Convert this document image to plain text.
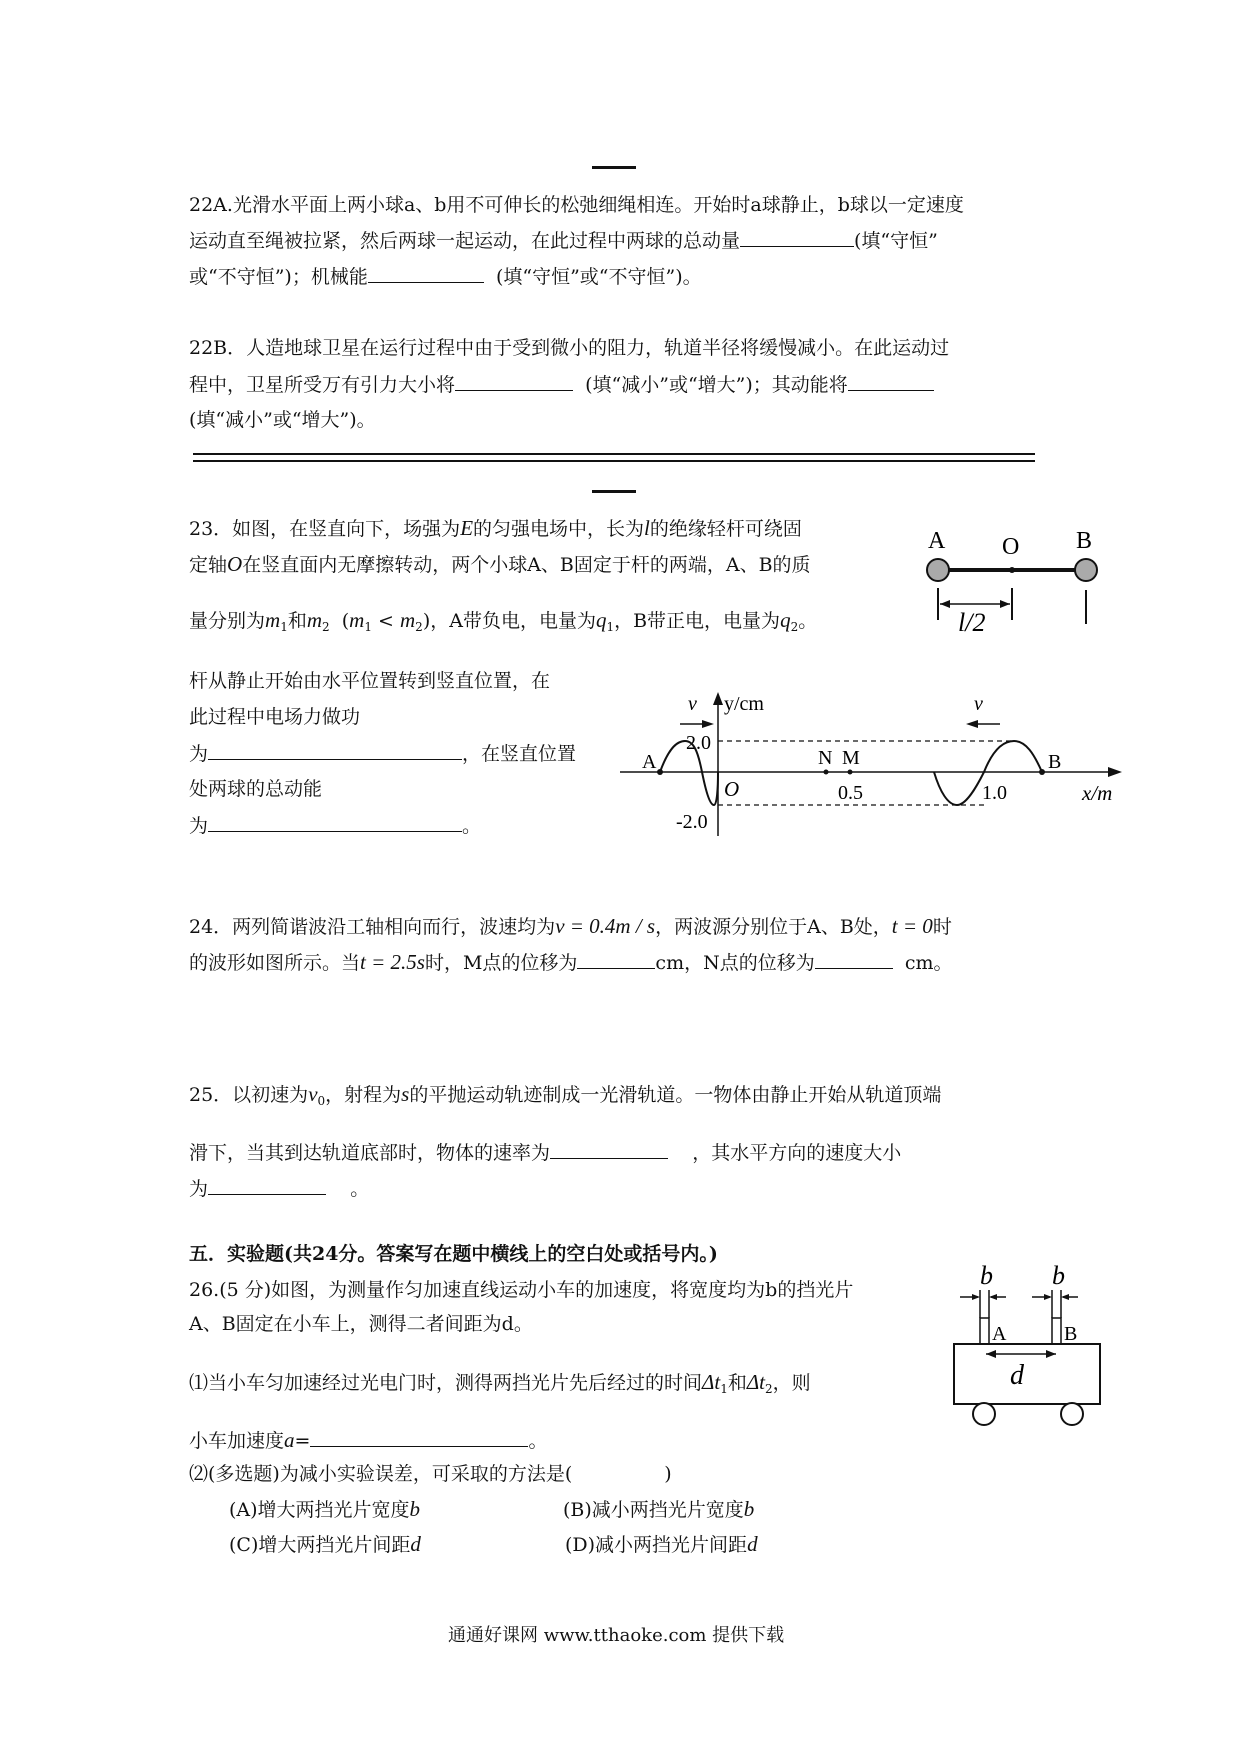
22A.光滑水平面上两小球a、b用不可伸长的松弛细绳相连。开始时a球静止，b球以一定速度
运动直至绳被拉紧，然后两球一起运动，在此过程中两球的总动量	(填“守恒”
或“不守恒”)；机械能	(填“守恒”或“不守恒”)。
22B．人造地球卫星在运行过程中由于受到微小的阻力，轨道半径将缓慢减小。在此运动过
程中，卫星所受万有引力大小将	(填“减小”或“增大”)；其动能将
(填“减小”或“增大”)。
23．如图，在竖直向下，场强为E的匀强电场中，长为l的绝缘轻杆可绕固
定轴O在竖直面内无摩擦转动，两个小球A、B固定于杆的两端，A、B的质
量分别为$m_1$和$m_2$ $(m_1 < m_2)$，A带负电，电量为$q_1$，B带正电，电量为$q_2$。
杆从静止开始由水平位置转到竖直位置，在
此过程中电场力做功
为	，在竖直位置
处两球的总动能
为	。
A O B
l/2
y/cm
2.0
-2.0
A	B
N M
O	0.5	1.0	x/m
v	v
24．两列简谐波沿工轴相向而行，波速均为v = 0.4m / s，两波源分别位于A、B处，t = 0时
的波形如图所示。当t = 2.5s时，M点的位移为	cm，N点的位移为	cm。
25．以初速为$v_0$，射程为s的平抛运动轨迹制成一光滑轨道。一物体由静止开始从轨道顶端
滑下，当其到达轨道底部时，物体的速率为	，其水平方向的速度大小
为	。
五．实验题(共24分。答案写在题中横线上的空白处或括号内。)
26.(5 分)如图，为测量作匀加速直线运动小车的加速度，将宽度均为b的挡光片
A、B固定在小车上，测得二者间距为d。
⑴当小车匀加速经过光电门时，测得两挡光片先后经过的时间$\Delta t_1$和$\Delta t_2$，则
小车加速度a=	。
⑵(多选题)为减小实验误差，可采取的方法是(	)
(A)增大两挡光片宽度b	(B)减小两挡光片宽度b
(C)增大两挡光片间距d	(D)减小两挡光片间距d
b b
A	B
d
通通好课网 www.tthaoke.com 提供下载
